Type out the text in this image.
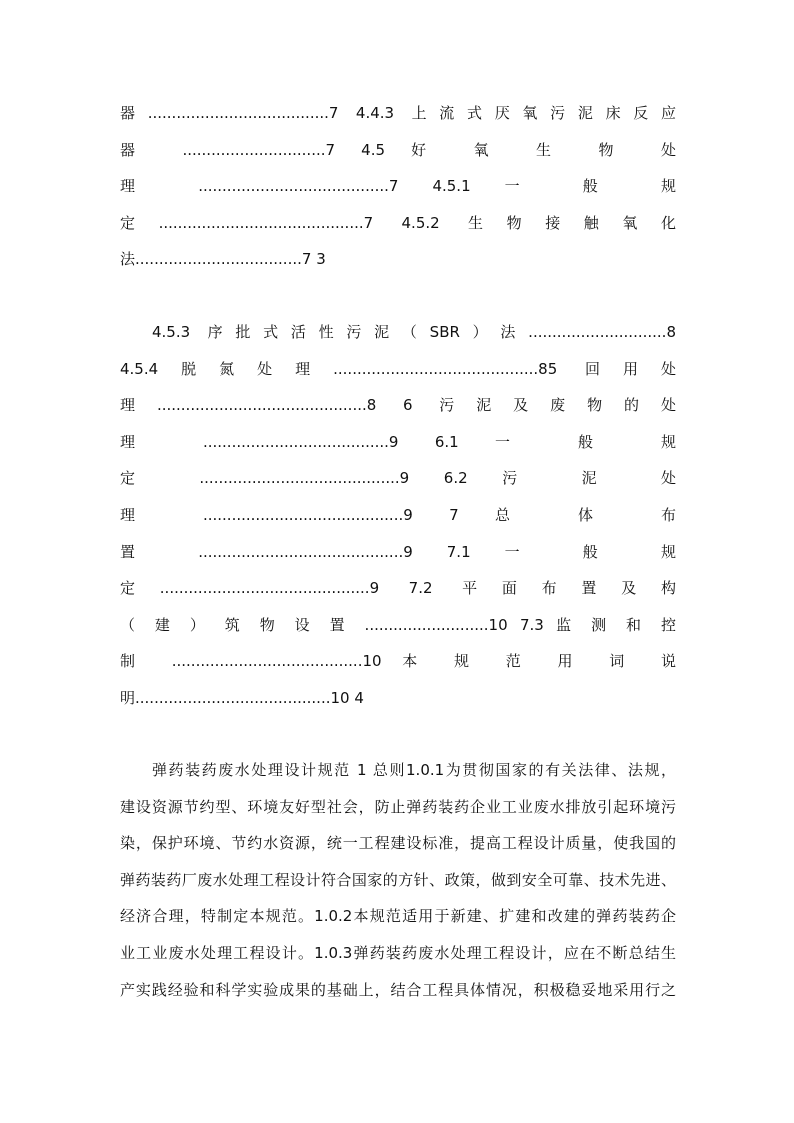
器......................................7 4.4.3 上流式厌氧污泥床反应
器 ..............................7 4.5 好 氧 生 物 处
理 ........................................7 4.5.1 一 般 规
定...........................................7 4.5.2 生物接触氧化
法...................................7 3
4.5.3 序批式活性污泥（SBR）法.............................8
4.5.4脱氮处理...........................................85 回用处
理............................................8 6 污泥及废物的处
理 .......................................9 6.1 一 般 规
定 ..........................................9 6.2 污 泥 处
理 ..........................................9 7 总 体 布
置 ...........................................9 7.1 一 般 规
定............................................9 7.2 平面布置及构
（ 建 ） 筑 物 设 置 ..........................10 7.3 监 测 和 控
制 ........................................10 本 规 范 用 词 说
明.........................................10 4
弹药装药废水处理设计规范 1 总则1.0.1为贯彻国家的有关法律、法规，
建设资源节约型、环境友好型社会，防止弹药装药企业工业废水排放引起环境污
染，保护环境、节约水资源，统一工程建设标准，提高工程设计质量，使我国的
弹药装药厂废水处理工程设计符合国家的方针、政策，做到安全可靠、技术先进、
经济合理，特制定本规范。1.0.2本规范适用于新建、扩建和改建的弹药装药企
业工业废水处理工程设计。1.0.3弹药装药废水处理工程设计，应在不断总结生
产实践经验和科学实验成果的基础上，结合工程具体情况，积极稳妥地采用行之
